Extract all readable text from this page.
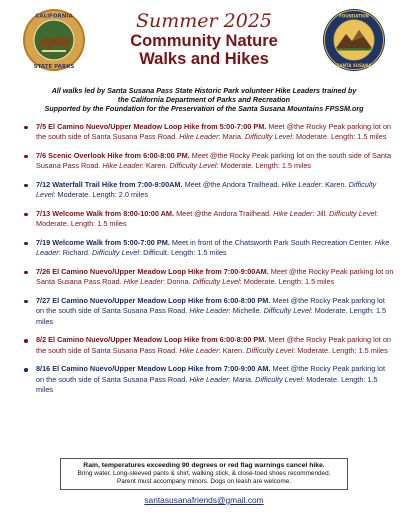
CALIFORNIA
STATE PARKS
Summer 2025
Community Nature
Walks and Hikes
FOUNDATION
SANTA SUSANA
All walks led by Santa Susana Pass State Historic Park volunteer Hike Leaders trained by
the California Department of Parks and Recreation
Supported by the Foundation for the Preservation of the Santa Susana Mountains FPSSM.org
7/5 El Camino Nuevo/Upper Meadow Loop Hike from 5:00-7:00 PM. Meet @the Rocky Peak parking lot on the south side of Santa Susana Pass Road. Hike Leader: Maria. Difficulty Level: Moderate. Length: 1.5 miles
7/6 Scenic Overlook Hike from 6:00-8:00 PM. Meet @the Rocky Peak parking lot on the south side of Santa Susana Pass Road. Hike Leader: Karen. Difficulty Level: Moderate. Length: 1.5 miles
7/12 Waterfall Trail Hike from 7:00-9:00AM. Meet @the Andora Trailhead. Hike Leader: Karen. Difficulty Level: Moderate. Length: 2.0 miles
7/13 Welcome Walk from 8:00-10:00 AM. Meet @the Andora Trailhead. Hike Leader: Jill. Difficulty Level: Moderate. Length: 1.5 miles
7/19 Welcome Walk from 5:00-7:00 PM. Meet in front of the Chatsworth Park South Recreation Center. Hike Leader: Richard. Difficulty Level: Difficult. Length: 1.5 miles
7/26 El Camino Nuevo/Upper Meadow Loop Hike from 7:00-9:00AM. Meet @the Rocky Peak parking lot on Santa Susana Pass Road. Hike Leader: Donna. Difficulty Level: Moderate. Length: 1.5 miles
7/27 El Camino Nuevo/Upper Meadow Loop Hike from 6:00-8:00 PM. Meet @the Rocky Peak parking lot on the south side of Santa Susana Pass Road. Hike Leader: Michelle. Difficulty Level: Moderate. Length: 1.5 miles
8/2 El Camino Nuevo/Upper Meadow Loop Hike from 6:00-8:00 PM. Meet @the Rocky Peak parking lot on the south side of Santa Susana Pass Road. Hike Leader: Karen. Difficulty Level: Moderate. Length: 1.5 miles
8/16 El Camino Nuevo/Upper Meadow Loop Hike from 7:00-9:00 AM. Meet @the Rocky Peak parking lot on the south side of Santa Susana Pass Road. Hike Leader: Maria. Difficulty Level: Moderate. Length: 1.5 miles
Rain, temperatures exceeding 90 degrees or red flag warnings cancel hike.
Bring water. Long-sleeved pants & shirt, walking stick, & close-toed shoes recommended.
Parent must accompany minors. Dogs on leash are welcome.
santasusanafriends@gmail.com
